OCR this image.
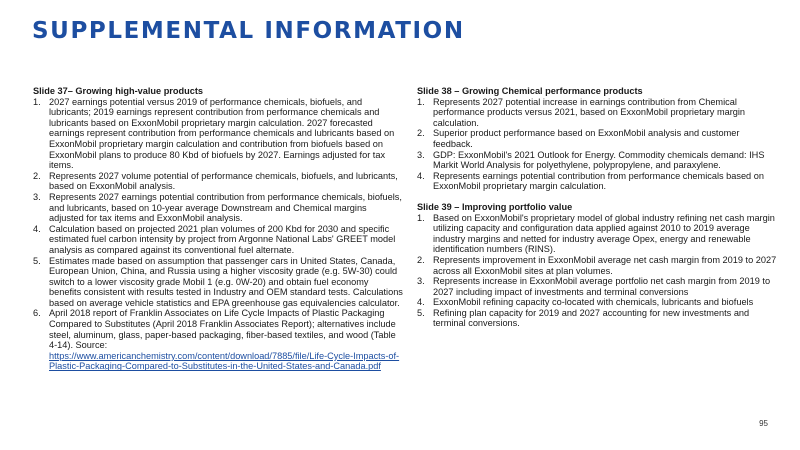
SUPPLEMENTAL INFORMATION

Slide 37– Growing high-value products

1. 2027 earnings potential versus 2019 of performance chemicals, biofuels, and lubricants; 2019 earnings represent contribution from performance chemicals and lubricants based on ExxonMobil proprietary margin calculation. 2027 forecasted earnings represent contribution from performance chemicals and lubricants based on ExxonMobil proprietary margin calculation and contribution from biofuels based on ExxonMobil plans to produce 80 Kbd of biofuels by 2027. Earnings adjusted for tax items.
2. Represents 2027 volume potential of performance chemicals, biofuels, and lubricants, based on ExxonMobil analysis.
3. Represents 2027 earnings potential contribution from performance chemicals, biofuels, and lubricants, based on 10-year average Downstream and Chemical margins adjusted for tax items and ExxonMobil analysis.
4. Calculation based on projected 2021 plan volumes of 200 Kbd for 2030 and specific estimated fuel carbon intensity by project from Argonne National Labs' GREET model analysis as compared against its conventional fuel alternate.
5. Estimates made based on assumption that passenger cars in United States, Canada, European Union, China, and Russia using a higher viscosity grade (e.g. 5W-30) could switch to a lower viscosity grade Mobil 1 (e.g. 0W-20) and obtain fuel economy benefits consistent with results tested in Industry and OEM standard tests. Calculations based on average vehicle statistics and EPA greenhouse gas equivalencies calculator.
6. April 2018 report of Franklin Associates on Life Cycle Impacts of Plastic Packaging Compared to Substitutes (April 2018 Franklin Associates Report); alternatives include steel, aluminum, glass, paper-based packaging, fiber-based textiles, and wood (Table 4-14). Source:
https://www.americanchemistry.com/content/download/7885/file/Life-Cycle-Impacts-of-Plastic-Packaging-Compared-to-Substitutes-in-the-United-States-and-Canada.pdf

Slide 38 – Growing Chemical performance products

1. Represents 2027 potential increase in earnings contribution from Chemical performance products versus 2021, based on ExxonMobil proprietary margin calculation.
2. Superior product performance based on ExxonMobil analysis and customer feedback.
3. GDP: ExxonMobil's 2021 Outlook for Energy. Commodity chemicals demand: IHS Markit World Analysis for polyethylene, polypropylene, and paraxylene.
4. Represents earnings potential contribution from performance chemicals based on ExxonMobil proprietary margin calculation.

Slide 39 – Improving portfolio value

1. Based on ExxonMobil's proprietary model of global industry refining net cash margin utilizing capacity and configuration data applied against 2010 to 2019 average industry margins and netted for industry average Opex, energy and renewable identification numbers (RINS).
2. Represents improvement in ExxonMobil average net cash margin from 2019 to 2027 across all ExxonMobil sites at plan volumes.
3. Represents increase in ExxonMobil average portfolio net cash margin from 2019 to 2027 including impact of investments and terminal conversions
4. ExxonMobil refining capacity co-located with chemicals, lubricants and biofuels
5. Refining plan capacity for 2019 and 2027 accounting for new investments and terminal conversions.
95
